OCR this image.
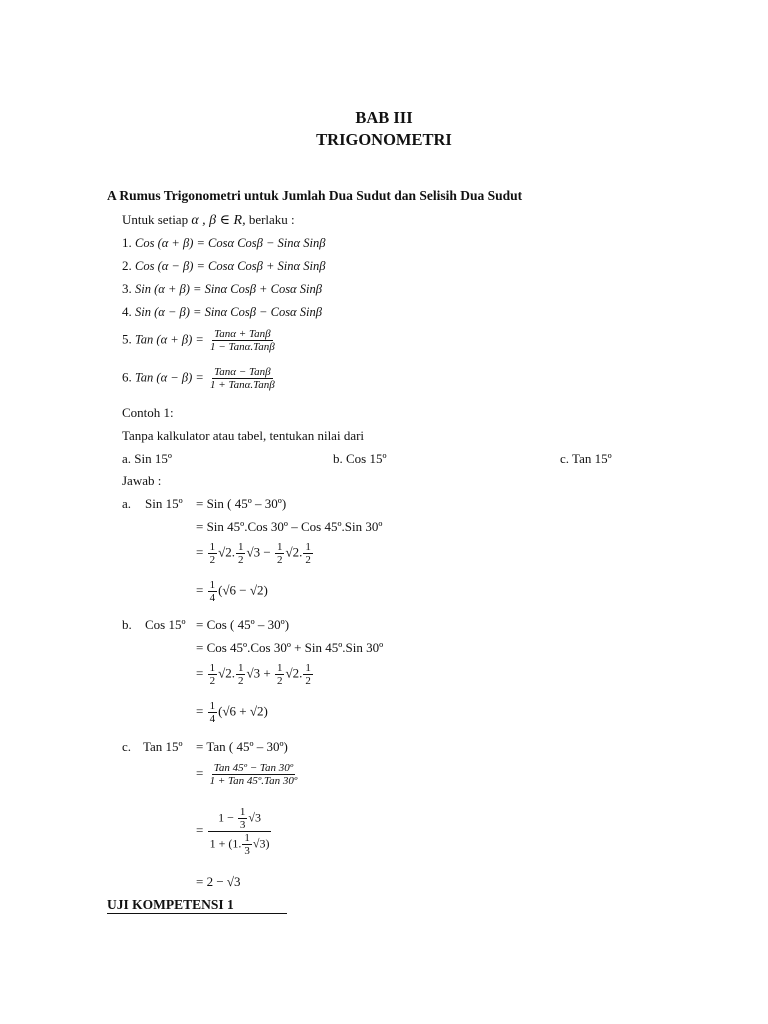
BAB III
TRIGONOMETRI
A Rumus Trigonometri untuk Jumlah Dua Sudut dan Selisih Dua Sudut
Untuk setiap α , β ∈ R, berlaku :
1. Cos (α + β) = Cosα Cosβ − Sinα Sinβ
2. Cos (α − β) = Cosα Cosβ + Sinα Sinβ
3. Sin (α + β) = Sinα Cosβ + Cosα Sinβ
4. Sin (α − β) = Sinα Cosβ − Cosα Sinβ
5. Tan $(\alpha + \beta) = \frac{\text{Tanα + Tanβ}}{\text{1 − Tanα.Tanβ}}$
6. Tan $(\alpha - \beta) = \frac{\text{Tanα − Tanβ}}{\text{1 + Tanα.Tanβ}}$
Contoh 1:
Tanpa kalkulator atau tabel, tentukan nilai dari
a. Sin 15º	b. Cos 15º	c. Tan 15º
Jawab :
a. Sin 15º = Sin ( 45º – 30º)
= Sin 45º.Cos 30º – Cos 45º.Sin 30º
= $\frac{1}{2} √2$. $\frac{1}{2} √3 - \frac{1}{2} √2$. $\frac{1}{2}$
= $\frac{1}{4} (√6 - √2)$
b. Cos 15º = Cos ( 45º – 30º)
= Cos 45º.Cos 30º + Sin 45º.Sin 30º
= $\frac{1}{2} √2$. $\frac{1}{2} √3 + \frac{1}{2} √2$. $\frac{1}{2}$
= $\frac{1}{4} (√6 + √2)$
c. Tan 15º = Tan ( 45º – 30º)
= $\frac{\text{Tan 45º − Tan 30º}}{\text{1 + Tan 45º.Tan 30º}}$
= $\frac{1 - \frac{1}{3} √3}{1 + (1. \frac{1}{3} √3)}$
= 2 − √3
UJI KOMPETENSI 1
